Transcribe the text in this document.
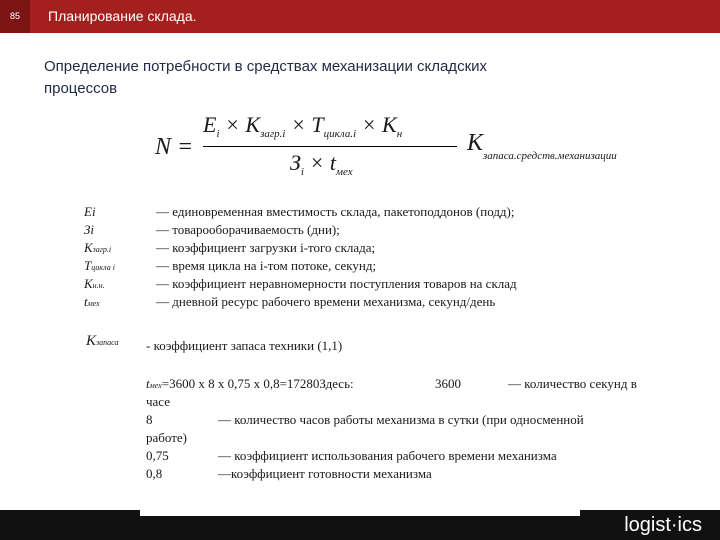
85	Планирование склада.
Определение потребности в средствах механизации складских процессов
N =
$E_i \times K_{загр.i} \times T_{цикла.i} \times K_н$
$З_i \times t_{мех}$
$K_{запаса.средств.механизации}$
Ei	— единовременная вместимость склада, пакетоподдонов (подд);
Зi	— товарооборачиваемость (дни);
Kзагр.i	— коэффициент загрузки i-того склада;
Tцикла i	— время цикла на i-том потоке, секунд;
Kн.н.	— коэффициент неравномерности поступления товаров на склад
tмех	— дневной ресурс рабочего времени механизма, секунд/день
Kзапаса - коэффициент запаса техники (1,1)
tмех=3600 х 8 х 0,75 х 0,8=17280Здесь:	3600	— количество секунд в
часе
8	— количество часов работы механизма в сутки (при односменной
работе)
0,75	— коэффициент использования рабочего времени механизма
0,8	—коэффициент готовности механизма
logist·ics
